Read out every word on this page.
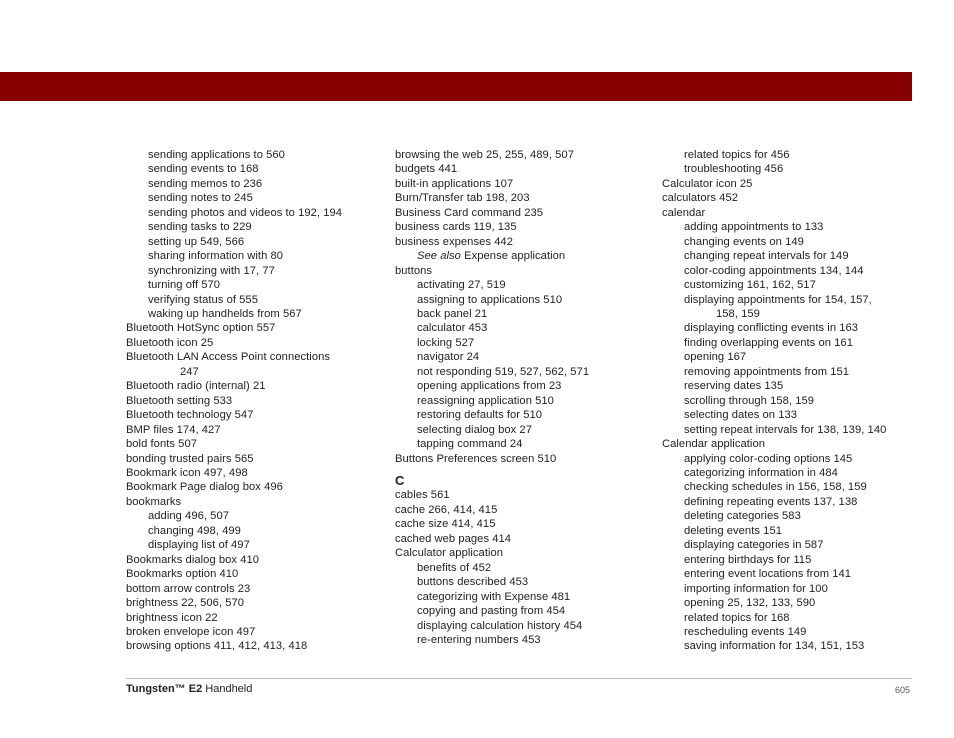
sending applications to 560
sending events to 168
sending memos to 236
sending notes to 245
sending photos and videos to 192, 194
sending tasks to 229
setting up 549, 566
sharing information with 80
synchronizing with 17, 77
turning off 570
verifying status of 555
waking up handhelds from 567
Bluetooth HotSync option 557
Bluetooth icon 25
Bluetooth LAN Access Point connections
247
Bluetooth radio (internal) 21
Bluetooth setting 533
Bluetooth technology 547
BMP files 174, 427
bold fonts 507
bonding trusted pairs 565
Bookmark icon 497, 498
Bookmark Page dialog box 496
bookmarks
adding 496, 507
changing 498, 499
displaying list of 497
Bookmarks dialog box 410
Bookmarks option 410
bottom arrow controls 23
brightness 22, 506, 570
brightness icon 22
broken envelope icon 497
browsing options 411, 412, 413, 418
browsing the web 25, 255, 489, 507
budgets 441
built-in applications 107
Burn/Transfer tab 198, 203
Business Card command 235
business cards 119, 135
business expenses 442
See also Expense application
buttons
activating 27, 519
assigning to applications 510
back panel 21
calculator 453
locking 527
navigator 24
not responding 519, 527, 562, 571
opening applications from 23
reassigning application 510
restoring defaults for 510
selecting dialog box 27
tapping command 24
Buttons Preferences screen 510
C
cables 561
cache 266, 414, 415
cache size 414, 415
cached web pages 414
Calculator application
benefits of 452
buttons described 453
categorizing with Expense 481
copying and pasting from 454
displaying calculation history 454
re-entering numbers 453
related topics for 456
troubleshooting 456
Calculator icon 25
calculators 452
calendar
adding appointments to 133
changing events on 149
changing repeat intervals for 149
color-coding appointments 134, 144
customizing 161, 162, 517
displaying appointments for 154, 157,
158, 159
displaying conflicting events in 163
finding overlapping events on 161
opening 167
removing appointments from 151
reserving dates 135
scrolling through 158, 159
selecting dates on 133
setting repeat intervals for 138, 139, 140
Calendar application
applying color-coding options 145
categorizing information in 484
checking schedules in 156, 158, 159
defining repeating events 137, 138
deleting categories 583
deleting events 151
displaying categories in 587
entering birthdays for 115
entering event locations from 141
importing information for 100
opening 25, 132, 133, 590
related topics for 168
rescheduling events 149
saving information for 134, 151, 153
Tungsten™ E2 Handheld	605
